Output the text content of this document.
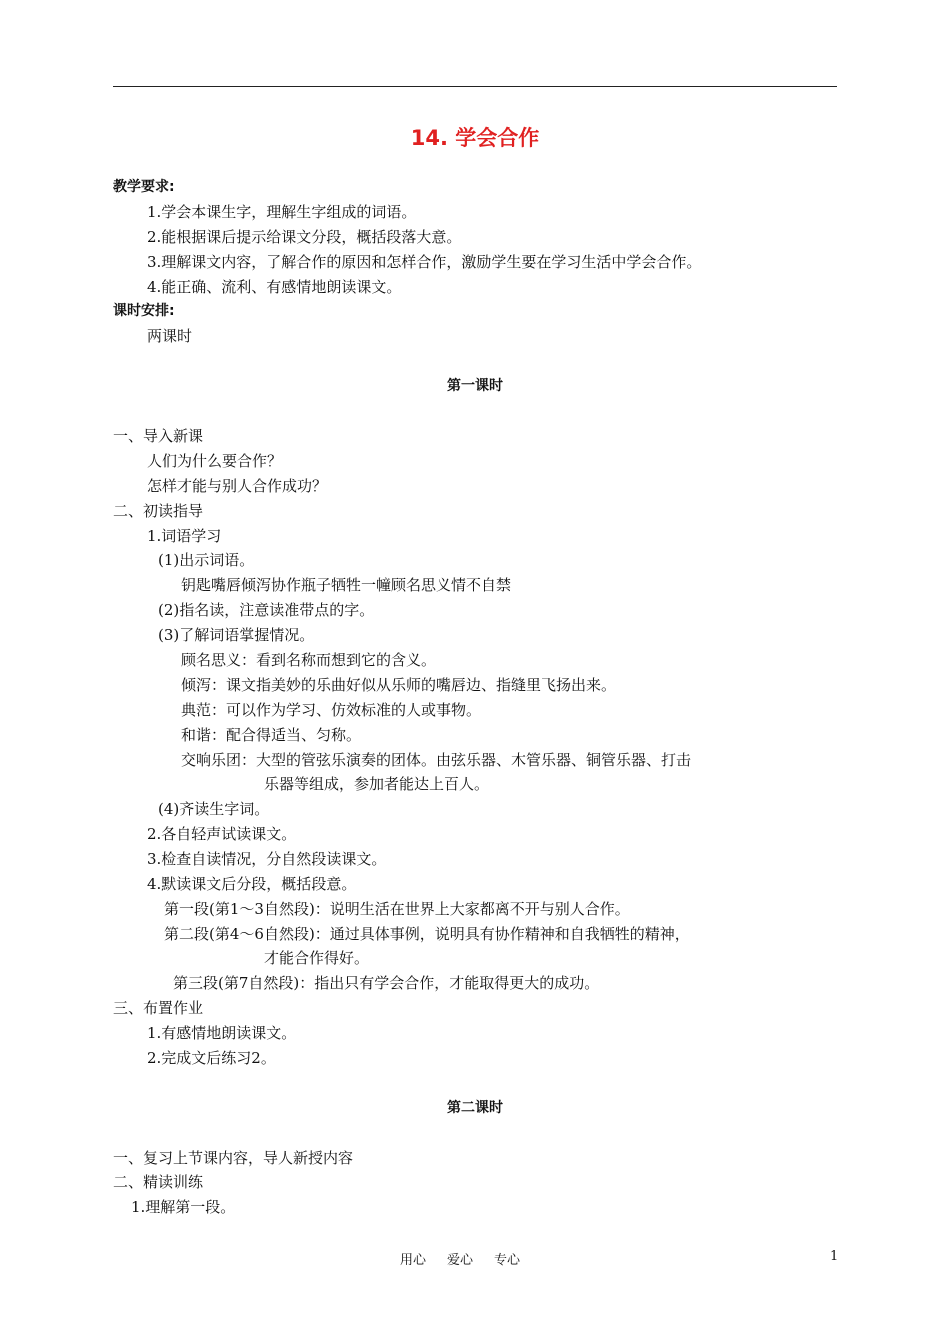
14. 学会合作
教学要求:
1.学会本课生字，理解生字组成的词语。
2.能根据课后提示给课文分段，概括段落大意。
3.理解课文内容，了解合作的原因和怎样合作，激励学生要在学习生活中学会合作。
4.能正确、流利、有感情地朗读课文。
课时安排:
两课时
第一课时
一、导入新课
人们为什么要合作？
怎样才能与别人合作成功？
二、初读指导
1.词语学习
(1)出示词语。
钥匙嘴唇倾泻协作瓶子牺牲一幢顾名思义情不自禁
(2)指名读，注意读准带点的字。
(3)了解词语掌握情况。
顾名思义：看到名称而想到它的含义。
倾泻：课文指美妙的乐曲好似从乐师的嘴唇边、指缝里飞扬出来。
典范：可以作为学习、仿效标准的人或事物。
和谐：配合得适当、匀称。
交响乐团：大型的管弦乐演奏的团体。由弦乐器、木管乐器、铜管乐器、打击
乐器等组成，参加者能达上百人。
(4)齐读生字词。
2.各自轻声试读课文。
3.检查自读情况，分自然段读课文。
4.默读课文后分段，概括段意。
第一段(第1～3自然段)：说明生活在世界上大家都离不开与别人合作。
第二段(第4～6自然段)：通过具体事例，说明具有协作精神和自我牺牲的精神，
才能合作得好。
第三段(第7自然段)：指出只有学会合作，才能取得更大的成功。
三、布置作业
1.有感情地朗读课文。
2.完成文后练习2。
第二课时
一、复习上节课内容，导人新授内容
二、精读训练
1.理解第一段。
用心 爱心 专心	1
